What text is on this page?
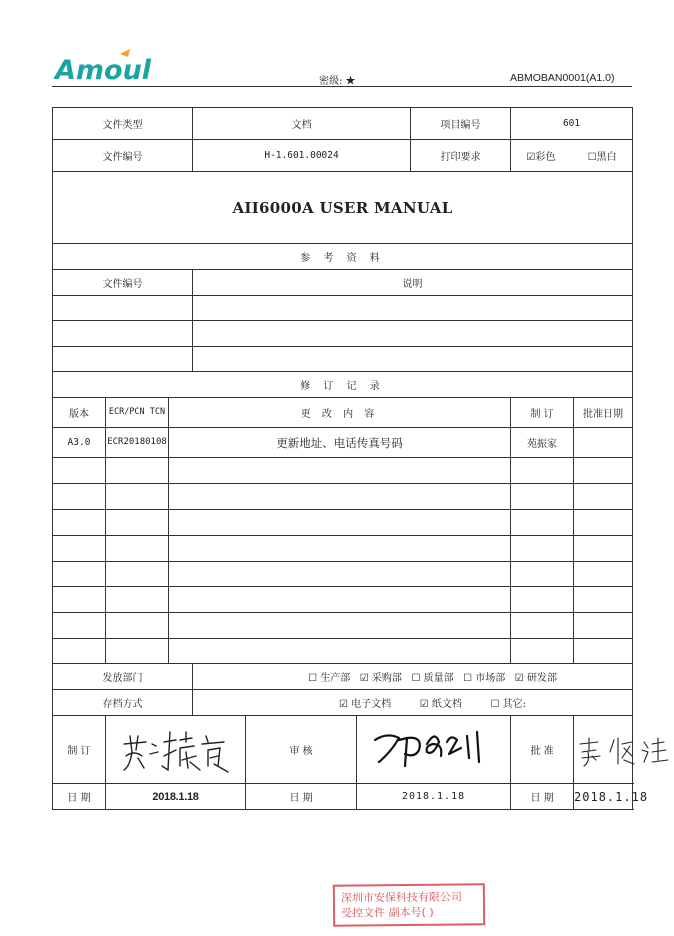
Amoul	密级: ★	ABMOBAN0001(A1.0)
文件类型			文档			项目编号	601	
文件编号			H-1.601.00024			打印要求	☑彩色 ☐黑白	
AII6000A USER MANUAL								
参 考 资 料								
文件编号			说明					

修 订 记 录								
版本	ECR/PCN TCN	更 改 内 容					制 订	批准日期
A3.0	ECR20180108	更新地址、电话传真号码					苑振家	

发放部门			☐ 生产部   ☑ 采购部   ☐ 质量部   ☐ 市场部   ☑ 研发部					
存档方式			☑ 电子文档         ☑ 纸文档         ☐ 其它:					
制 订				审 核			批 准	

日 期	2018.1.18			日 期	2018.1.18		日 期	2018.1.18
深圳市安保科技有限公司
受控文件 副本号( )
